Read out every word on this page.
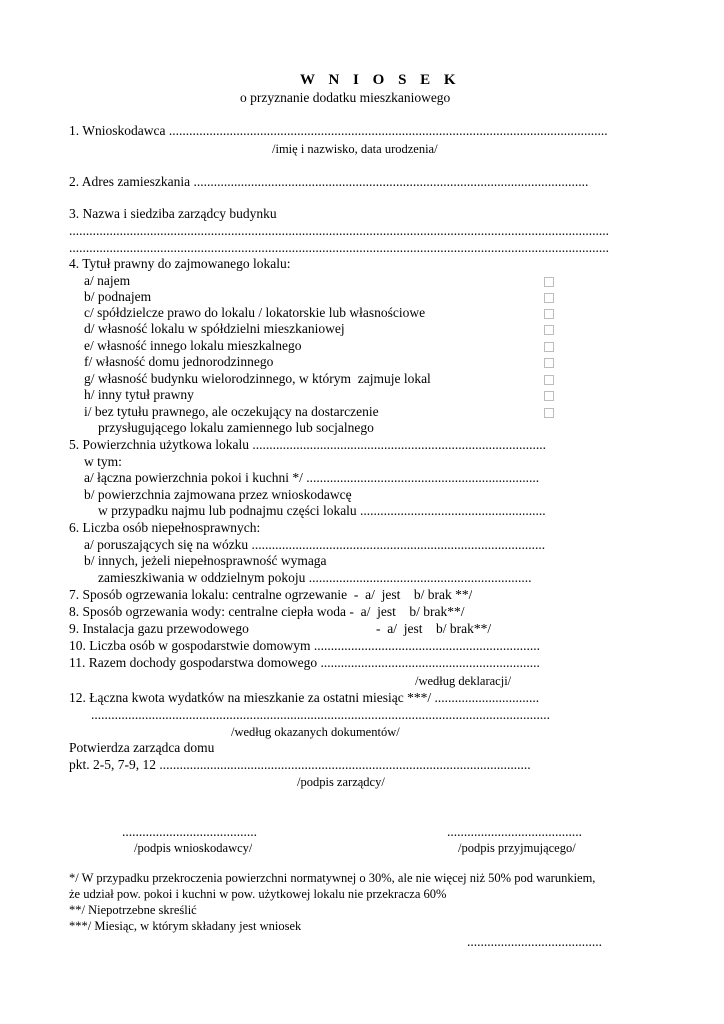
W N I O S E K
o przyznanie dodatku mieszkaniowego
1. Wnioskodawca ..................................................................................................................................
/imię i nazwisko, data urodzenia/
2. Adres zamieszkania .....................................................................................................................
3. Nazwa i siedziba zarządcy budynku
................................................................................................................................................................
................................................................................................................................................................
4. Tytuł prawny do zajmowanego lokalu:
a/ najem
b/ podnajem
c/ spółdzielcze prawo do lokalu / lokatorskie lub własnościowe
d/ własność lokalu w spółdzielni mieszkaniowej
e/ własność innego lokalu mieszkalnego
f/ własność domu jednorodzinnego
g/ własność budynku wielorodzinnego, w którym  zajmuje lokal
h/ inny tytuł prawny
i/ bez tytułu prawnego, ale oczekujący na dostarczenie
przysługującego lokalu zamiennego lub socjalnego
5. Powierzchnia użytkowa lokalu .......................................................................................
w tym:
a/ łączna powierzchnia pokoi i kuchni */ .....................................................................
b/ powierzchnia zajmowana przez wnioskodawcę
w przypadku najmu lub podnajmu części lokalu .......................................................
6. Liczba osób niepełnosprawnych:
a/ poruszających się na wózku .......................................................................................
b/ innych, jeżeli niepełnosprawność wymaga
zamieszkiwania w oddzielnym pokoju ..................................................................
7. Sposób ogrzewania lokalu: centralne ogrzewanie  -  a/  jest    b/ brak **/
8. Sposób ogrzewania wody: centralne ciepła woda -  a/  jest    b/ brak**/
9. Instalacja gazu przewodowego	-  a/  jest    b/ brak**/
10. Liczba osób w gospodarstwie domowym ...................................................................
11. Razem dochody gospodarstwa domowego .................................................................
/według deklaracji/
12. Łączna kwota wydatków na mieszkanie za ostatni miesiąc ***/ ...............................
........................................................................................................................................
/według okazanych dokumentów/
Potwierdza zarządca domu
pkt. 2-5, 7-9, 12 ..............................................................................................................
/podpis zarządcy/
........................................
/podpis wnioskodawcy/
........................................
/podpis przyjmującego/
*/ W przypadku przekroczenia powierzchni normatywnej o 30%, ale nie więcej niż 50% pod warunkiem,
że udział pow. pokoi i kuchni w pow. użytkowej lokalu nie przekracza 60%
**/ Niepotrzebne skreślić
***/ Miesiąc, w którym składany jest wniosek
........................................
